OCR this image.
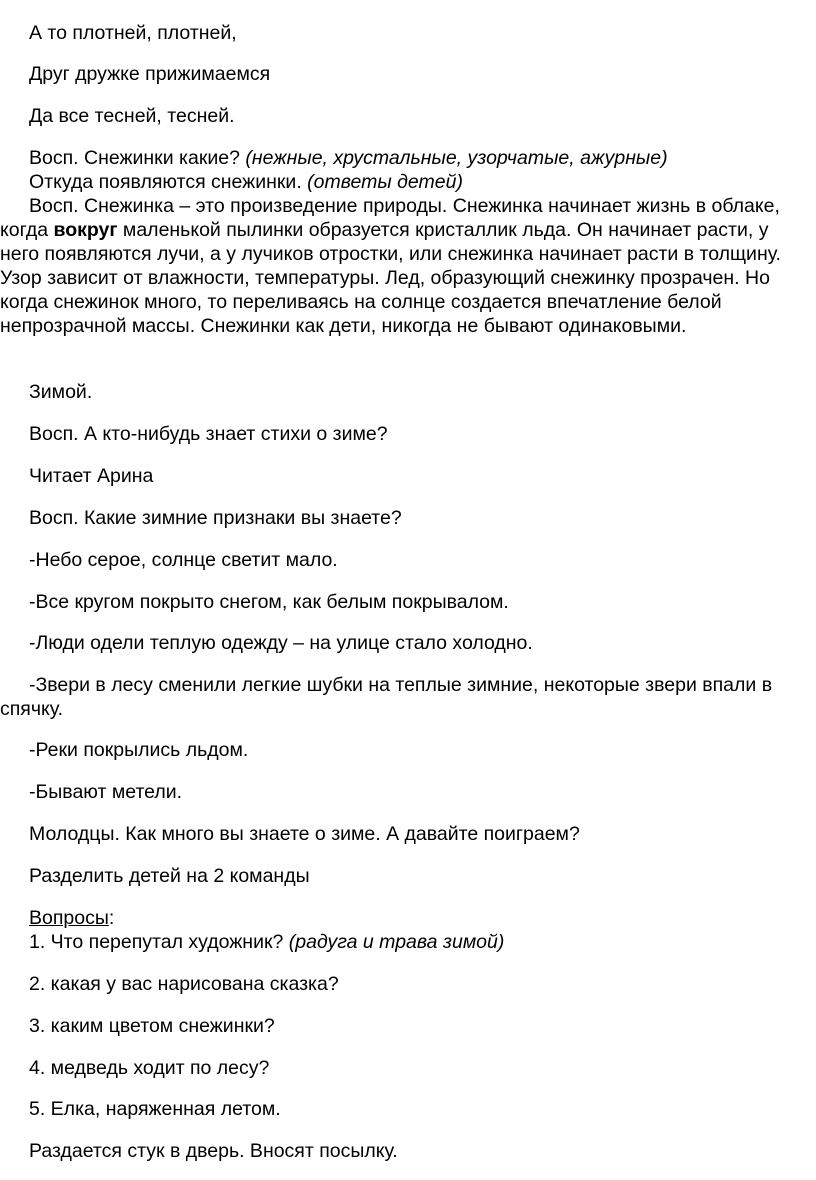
А то плотней, плотней,

Друг дружке прижимаемся

Да все тесней, тесней.

Восп. Снежинки какие? (нежные, хрустальные, узорчатые, ажурные)

Откуда появляются снежинки. (ответы детей)

Восп. Снежинка – это произведение природы. Снежинка начинает жизнь в облаке, когда вокруг маленькой пылинки образуется кристаллик льда. Он начинает расти, у него появляются лучи, а у лучиков отростки, или снежинка начинает расти в толщину. Узор зависит от влажности, температуры. Лед, образующий снежинку прозрачен. Но когда снежинок много, то переливаясь на солнце создается впечатление белой непрозрачной массы. Снежинки как дети, никогда не бывают одинаковыми.

Зимой.

Восп. А кто-нибудь знает стихи о зиме?

Читает Арина

Восп. Какие зимние признаки вы знаете?

-Небо серое, солнце светит мало.

-Все кругом покрыто снегом, как белым покрывалом.

-Люди одели теплую одежду – на улице стало холодно.

-Звери в лесу сменили легкие шубки на теплые зимние, некоторые звери впали в спячку.

-Реки покрылись льдом.

-Бывают метели.

Молодцы. Как много вы знаете о зиме. А давайте поиграем?

Разделить детей на 2 команды

Вопросы:

1. Что перепутал художник? (радуга и трава зимой)

2. какая у вас нарисована сказка?

3. каким цветом снежинки?

4. медведь ходит по лесу?

5. Елка, наряженная летом.

Раздается стук в дверь. Вносят посылку.
